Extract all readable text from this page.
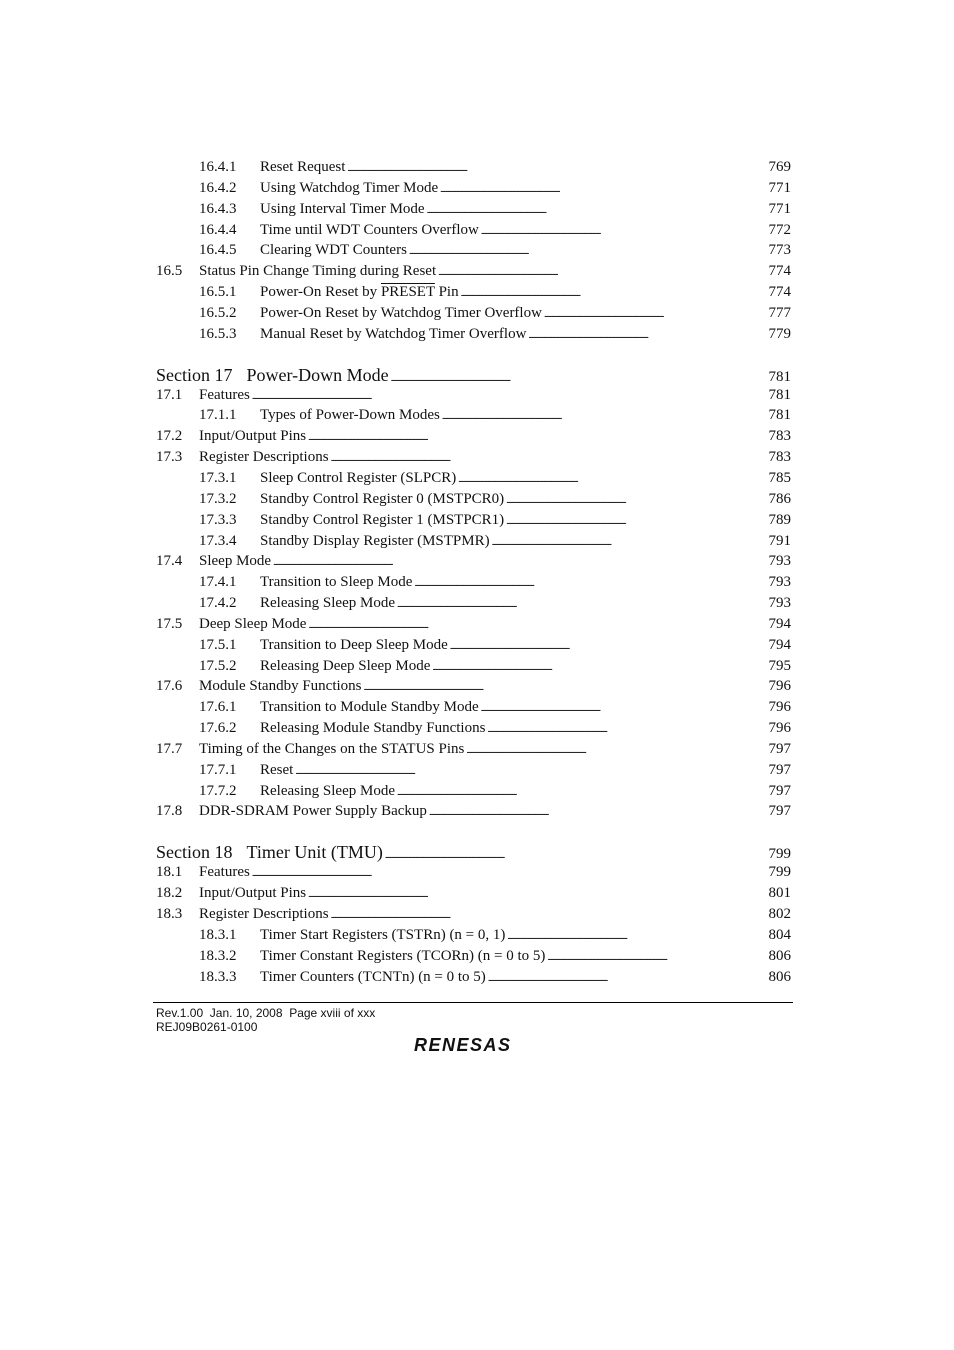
16.4.1	Reset Request . . .	769
16.4.2	Using Watchdog Timer Mode . . .	771
16.4.3	Using Interval Timer Mode . . .	771
16.4.4	Time until WDT Counters Overflow . . .	772
16.4.5	Clearing WDT Counters . . .	773
16.5	Status Pin Change Timing during Reset . . .	774
16.5.1	Power-On Reset by PRESET Pin . . .	774
16.5.2	Power-On Reset by Watchdog Timer Overflow . . .	777
16.5.3	Manual Reset by Watchdog Timer Overflow . . .	779
Section 17 Power-Down Mode . . .	781
17.1	Features . . .	781
17.1.1	Types of Power-Down Modes . . .	781
17.2	Input/Output Pins . . .	783
17.3	Register Descriptions . . .	783
17.3.1	Sleep Control Register (SLPCR) . . .	785
17.3.2	Standby Control Register 0 (MSTPCR0) . . .	786
17.3.3	Standby Control Register 1 (MSTPCR1) . . .	789
17.3.4	Standby Display Register (MSTPMR) . . .	791
17.4	Sleep Mode . . .	793
17.4.1	Transition to Sleep Mode . . .	793
17.4.2	Releasing Sleep Mode . . .	793
17.5	Deep Sleep Mode . . .	794
17.5.1	Transition to Deep Sleep Mode . . .	794
17.5.2	Releasing Deep Sleep Mode . . .	795
17.6	Module Standby Functions . . .	796
17.6.1	Transition to Module Standby Mode . . .	796
17.6.2	Releasing Module Standby Functions . . .	796
17.7	Timing of the Changes on the STATUS Pins . . .	797
17.7.1	Reset . . .	797
17.7.2	Releasing Sleep Mode . . .	797
17.8	DDR-SDRAM Power Supply Backup . . .	797
Section 18 Timer Unit (TMU) . . .	799
18.1	Features . . .	799
18.2	Input/Output Pins . . .	801
18.3	Register Descriptions . . .	802
18.3.1	Timer Start Registers (TSTRn) (n = 0, 1) . . .	804
18.3.2	Timer Constant Registers (TCORn) (n = 0 to 5) . . .	806
18.3.3	Timer Counters (TCNTn) (n = 0 to 5) . . .	806
Rev.1.00  Jan. 10, 2008  Page xviii of xxx
REJ09B0261-0100
RENESAS
